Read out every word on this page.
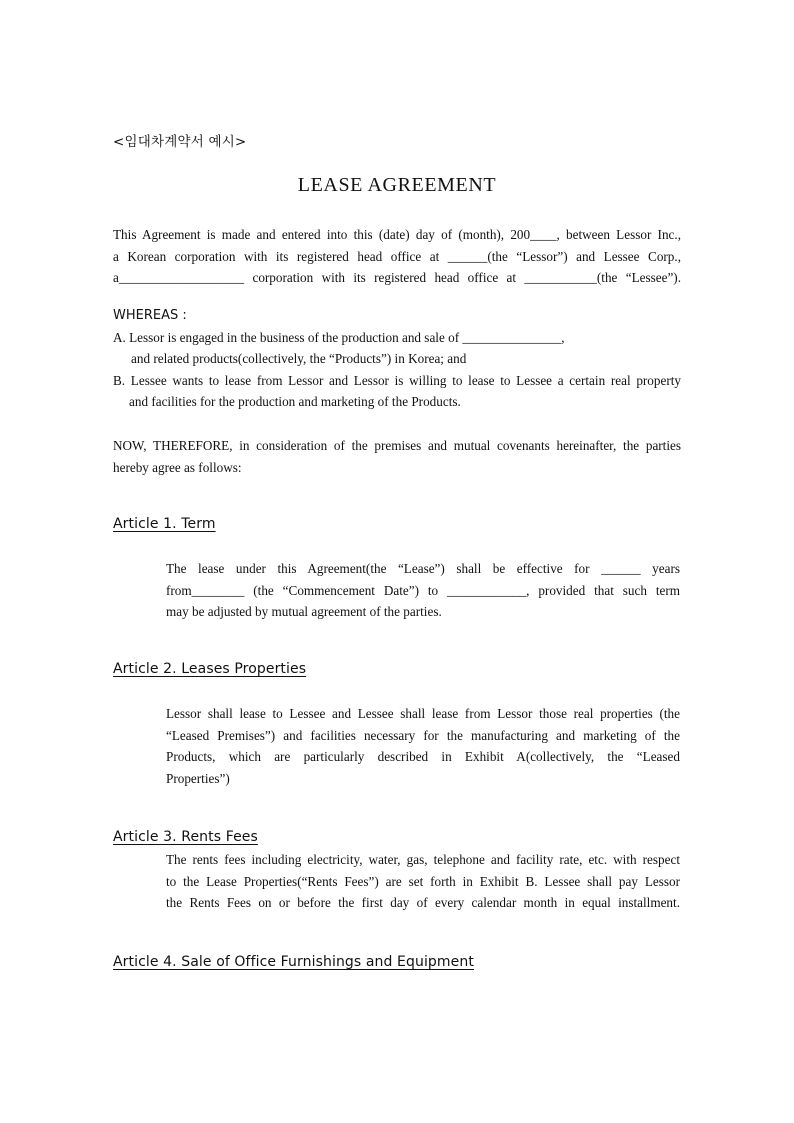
<임대차계약서 예시>
LEASE AGREEMENT
This Agreement is made and entered into this (date) day of (month), 200____, between Lessor Inc.,
a Korean corporation with its registered head office at ______(the “Lessor”) and Lessee Corp.,
a___________________ corporation with its registered head office at ___________(the “Lessee”).
WHEREAS :
A. Lessor is engaged in the business of the production and sale of _______________,
and related products(collectively, the “Products”) in Korea; and
B. Lessee wants to lease from Lessor and Lessor is willing to lease to Lessee a certain real property
and facilities for the production and marketing of the Products.
NOW, THEREFORE, in consideration of the premises and mutual covenants hereinafter, the parties
hereby agree as follows:
Article 1. Term
The lease under this Agreement(the “Lease”) shall be effective for ______ years
from________ (the “Commencement Date”) to ____________, provided that such term
may be adjusted by mutual agreement of the parties.
Article 2. Leases Properties
Lessor shall lease to Lessee and Lessee shall lease from Lessor those real properties (the
“Leased Premises”) and facilities necessary for the manufacturing and marketing of the
Products, which are particularly described in Exhibit A(collectively, the “Leased
Properties”)
Article 3. Rents Fees
The rents fees including electricity, water, gas, telephone and facility rate, etc. with respect
to the Lease Properties(“Rents Fees”) are set forth in Exhibit B. Lessee shall pay Lessor
the Rents Fees on or before the first day of every calendar month in equal installment.
Article 4. Sale of Office Furnishings and Equipment
